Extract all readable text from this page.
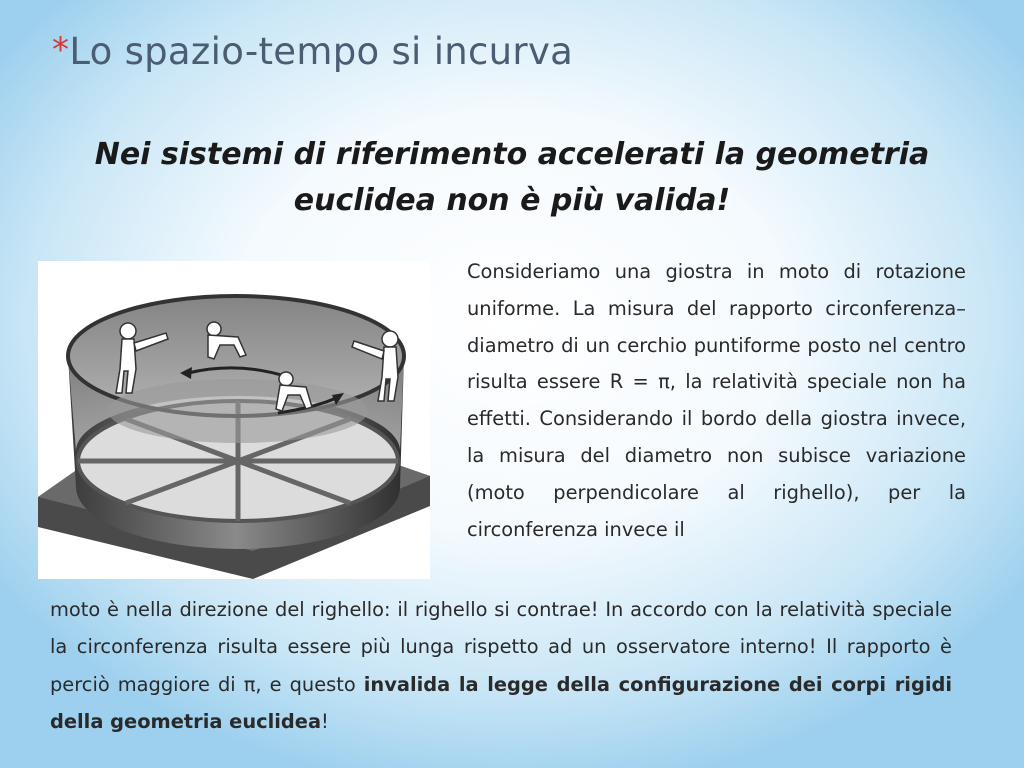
*Lo spazio-tempo si incurva
Nei sistemi di riferimento accelerati la geometria euclidea non è più valida!

Consideriamo una giostra in moto di rotazione uniforme. La misura del rapporto circonferenza–diametro di un cerchio puntiforme posto nel centro risulta essere R = π, la relatività speciale non ha effetti. Considerando il bordo della giostra invece, la misura del diametro non subisce variazione (moto perpendicolare al righello), per la circonferenza invece il

moto è nella direzione del righello: il righello si contrae! In accordo con la relatività speciale la circonferenza risulta essere più lunga rispetto ad un osservatore interno! Il rapporto è perciò maggiore di π, e questo invalida la legge della configurazione dei corpi rigidi della geometria euclidea!
